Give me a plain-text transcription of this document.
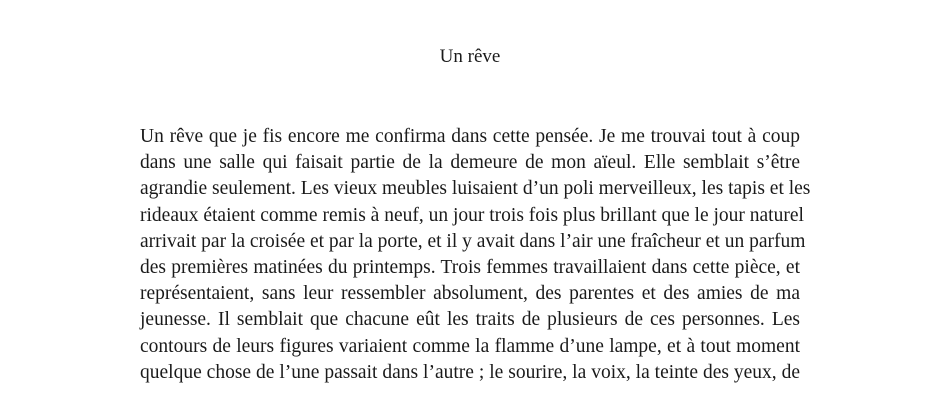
Un rêve
Un rêve que je fis encore me confirma dans cette pensée. Je me trouvai tout à coup
dans une salle qui faisait partie de la demeure de mon aïeul. Elle semblait s’être
agrandie seulement. Les vieux meubles luisaient d’un poli merveilleux, les tapis et les
rideaux étaient comme remis à neuf, un jour trois fois plus brillant que le jour naturel
arrivait par la croisée et par la porte, et il y avait dans l’air une fraîcheur et un parfum
des premières matinées du printemps. Trois femmes travaillaient dans cette pièce, et
représentaient, sans leur ressembler absolument, des parentes et des amies de ma
jeunesse. Il semblait que chacune eût les traits de plusieurs de ces personnes. Les
contours de leurs figures variaient comme la flamme d’une lampe, et à tout moment
quelque chose de l’une passait dans l’autre ; le sourire, la voix, la teinte des yeux, de
